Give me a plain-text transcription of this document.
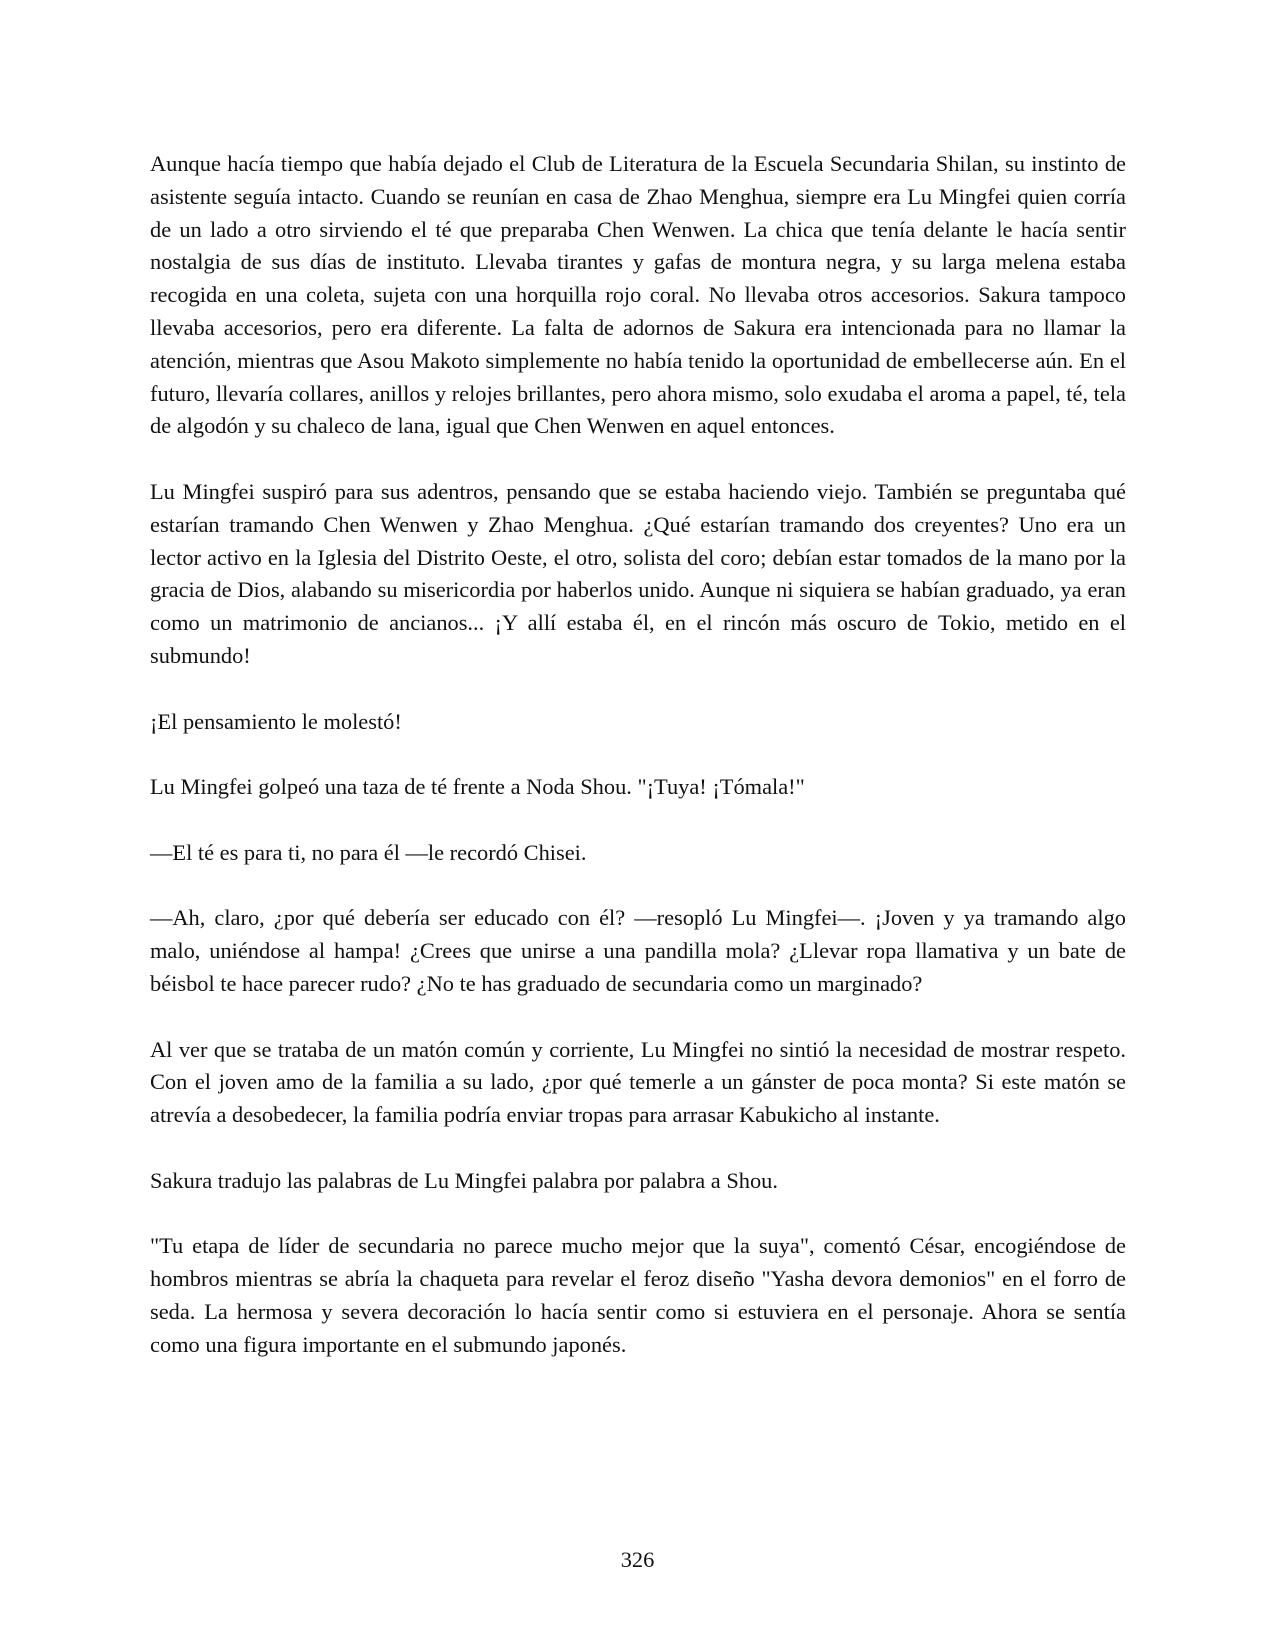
Aunque hacía tiempo que había dejado el Club de Literatura de la Escuela Secundaria Shilan, su instinto de asistente seguía intacto. Cuando se reunían en casa de Zhao Menghua, siempre era Lu Mingfei quien corría de un lado a otro sirviendo el té que preparaba Chen Wenwen. La chica que tenía delante le hacía sentir nostalgia de sus días de instituto. Llevaba tirantes y gafas de montura negra, y su larga melena estaba recogida en una coleta, sujeta con una horquilla rojo coral. No llevaba otros accesorios. Sakura tampoco llevaba accesorios, pero era diferente. La falta de adornos de Sakura era intencionada para no llamar la atención, mientras que Asou Makoto simplemente no había tenido la oportunidad de embellecerse aún. En el futuro, llevaría collares, anillos y relojes brillantes, pero ahora mismo, solo exudaba el aroma a papel, té, tela de algodón y su chaleco de lana, igual que Chen Wenwen en aquel entonces.

Lu Mingfei suspiró para sus adentros, pensando que se estaba haciendo viejo. También se preguntaba qué estarían tramando Chen Wenwen y Zhao Menghua. ¿Qué estarían tramando dos creyentes? Uno era un lector activo en la Iglesia del Distrito Oeste, el otro, solista del coro; debían estar tomados de la mano por la gracia de Dios, alabando su misericordia por haberlos unido. Aunque ni siquiera se habían graduado, ya eran como un matrimonio de ancianos... ¡Y allí estaba él, en el rincón más oscuro de Tokio, metido en el submundo!

¡El pensamiento le molestó!

Lu Mingfei golpeó una taza de té frente a Noda Shou. "¡Tuya! ¡Tómala!"

—El té es para ti, no para él —le recordó Chisei.

—Ah, claro, ¿por qué debería ser educado con él? —resopló Lu Mingfei—. ¡Joven y ya tramando algo malo, uniéndose al hampa! ¿Crees que unirse a una pandilla mola? ¿Llevar ropa llamativa y un bate de béisbol te hace parecer rudo? ¿No te has graduado de secundaria como un marginado?

Al ver que se trataba de un matón común y corriente, Lu Mingfei no sintió la necesidad de mostrar respeto. Con el joven amo de la familia a su lado, ¿por qué temerle a un gánster de poca monta? Si este matón se atrevía a desobedecer, la familia podría enviar tropas para arrasar Kabukicho al instante.

Sakura tradujo las palabras de Lu Mingfei palabra por palabra a Shou.

"Tu etapa de líder de secundaria no parece mucho mejor que la suya", comentó César, encogiéndose de hombros mientras se abría la chaqueta para revelar el feroz diseño "Yasha devora demonios" en el forro de seda. La hermosa y severa decoración lo hacía sentir como si estuviera en el personaje. Ahora se sentía como una figura importante en el submundo japonés.

326
